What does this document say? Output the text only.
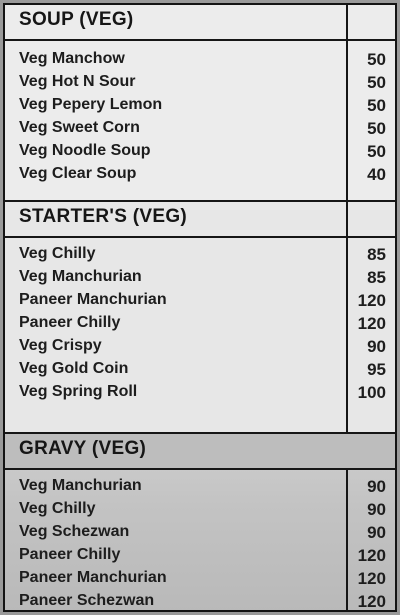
SOUP (VEG)
Veg Manchow	50
Veg Hot N Sour	50
Veg Pepery Lemon	50
Veg Sweet Corn	50
Veg Noodle Soup	50
Veg Clear Soup	40
STARTER'S (VEG)
Veg Chilly	85
Veg Manchurian	85
Paneer Manchurian	120
Paneer Chilly	120
Veg Crispy	90
Veg Gold Coin	95
Veg Spring Roll	100
GRAVY (VEG)
Veg Manchurian	90
Veg Chilly	90
Veg Schezwan	90
Paneer Chilly	120
Paneer Manchurian	120
Paneer Schezwan	120
